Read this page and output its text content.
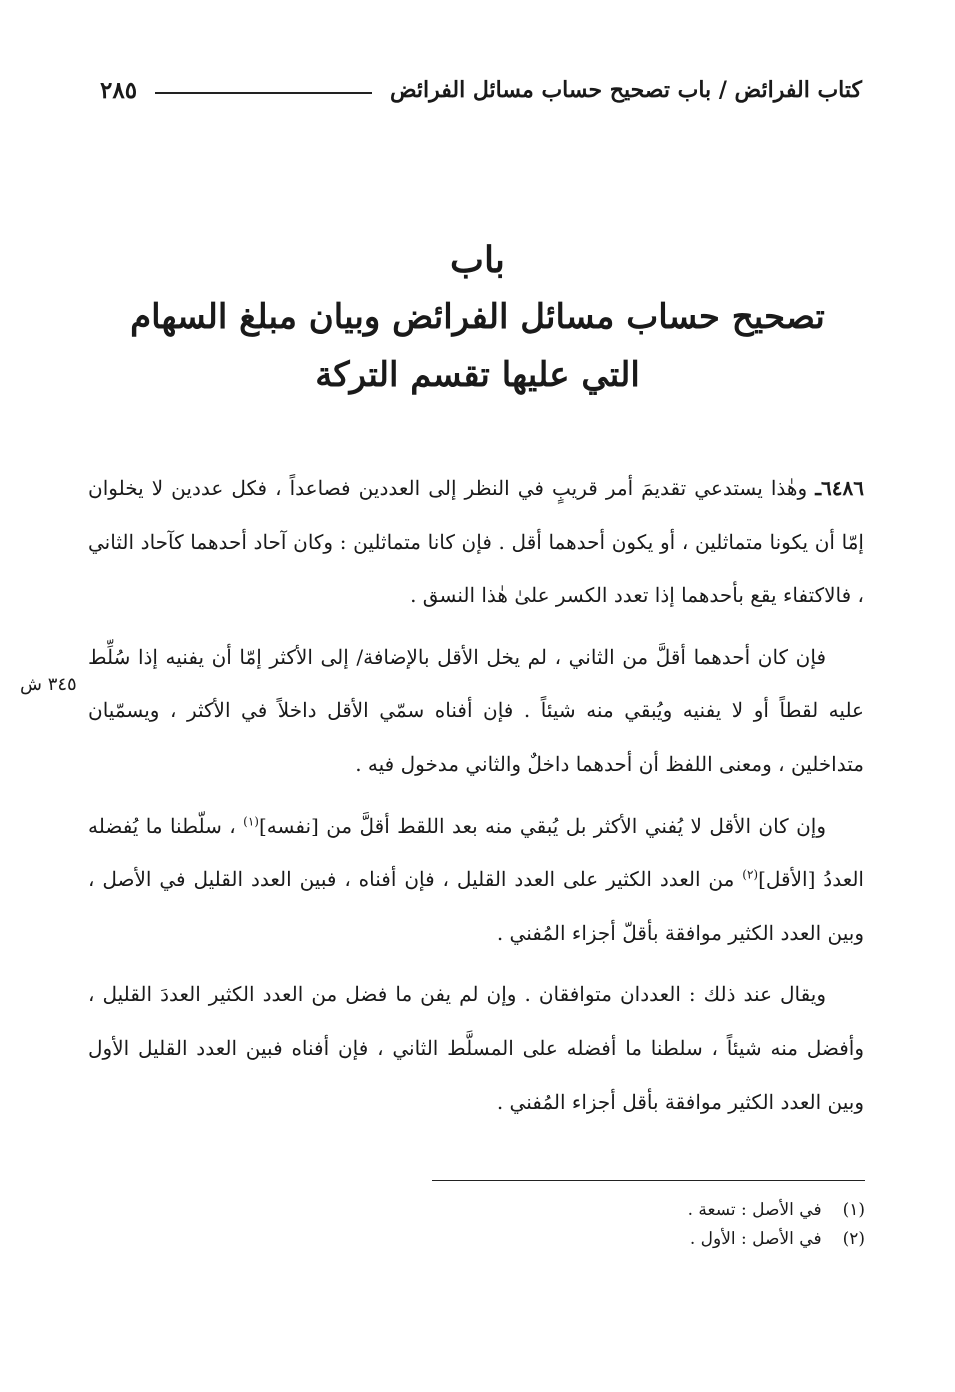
كتاب الفرائض / باب تصحيح حساب مسائل الفرائض
٢٨٥
باب
تصحيح حساب مسائل الفرائض وبيان مبلغ السهام
التي عليها تقسم التركة
٣٤٥ ش

٦٤٨٦ـ وهٰذا يستدعي تقديمَ أمر قريبٍ في النظر إلى العددين فصاعداً ، فكل عددين لا يخلوان إمّا أن يكونا متماثلين ، أو يكون أحدهما أقل . فإن كانا متماثلين : وكان آحاد أحدهما كآحاد الثاني ، فالاكتفاء يقع بأحدهما إذا تعدد الكسر علىٰ هٰذا النسق .

فإن كان أحدهما أقلَّ من الثاني ، لم يخل الأقل بالإضافة/ إلى الأكثر إمّا أن يفنيه إذا سُلِّط عليه لقطاً أو لا يفنيه ويُبقي منه شيئاً . فإن أفناه سمّي الأقل داخلاً في الأكثر ، ويسمّيان متداخلين ، ومعنى اللفظ أن أحدهما داخلٌ والثاني مدخول فيه .

وإن كان الأقل لا يُفني الأكثر بل يُبقي منه بعد اللقط أقلَّ من [نفسه]$^{(١)}$ ، سلّطنا ما يُفضله العددُ [الأقل]$^{(٢)}$ من العدد الكثير على العدد القليل ، فإن أفناه ، فبين العدد القليل في الأصل ، وبين العدد الكثير موافقة بأقلّ أجزاء المُفني .

ويقال عند ذلك : العددان متوافقان . وإن لم يفن ما فضل من العدد الكثير العددَ القليل ، وأفضل منه شيئاً ، سلطنا ما أفضله على المسلَّط الثاني ، فإن أفناه فبين العدد القليل الأول وبين العدد الكثير موافقة بأقل أجزاء المُفني .

(١) في الأصل : تسعة .
(٢) في الأصل : الأول .
